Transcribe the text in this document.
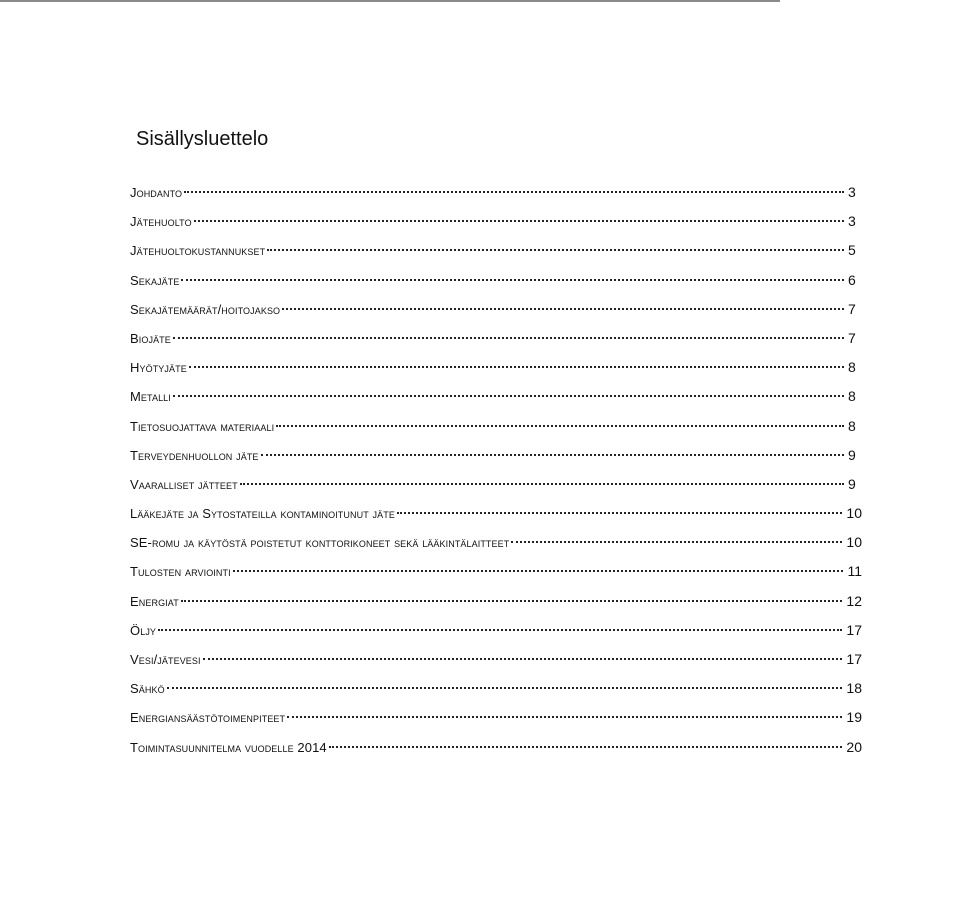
Sisällysluettelo
Johdanto	3
Jätehuolto	3
Jätehuoltokustannukset	5
Sekajäte	6
Sekajätemäärät/hoitojakso	7
Biojäte	7
Hyötyjäte	8
Metalli	8
Tietosuojattava materiaali	8
Terveydenhuollon jäte	9
Vaaralliset jätteet	9
Lääkejäte ja Sytostateilla kontaminoitunut jäte	10
SE-romu ja käytöstä poistetut konttorikoneet sekä lääkintälaitteet	10
Tulosten arviointi	11
Energiat	12
Öljy	17
Vesi/jätevesi	17
Sähkö	18
Energiansäästötoimenpiteet	19
Toimintasuunnitelma vuodelle 2014	20
